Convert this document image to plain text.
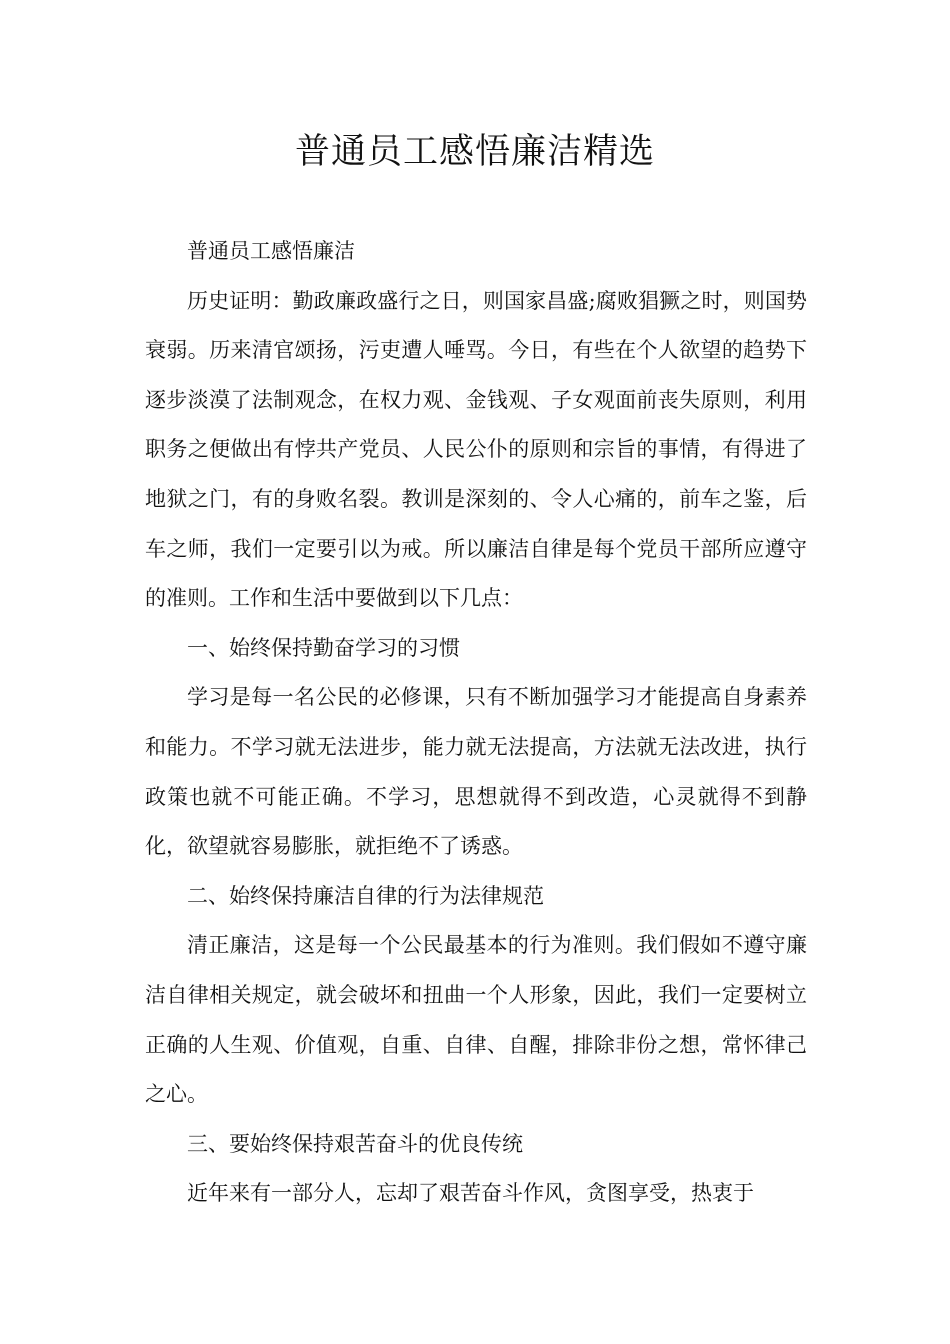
普通员工感悟廉洁精选

普通员工感悟廉洁

历史证明：勤政廉政盛行之日，则国家昌盛;腐败猖獗之时，则国势衰弱。历来清官颂扬，污吏遭人唾骂。今日，有些在个人欲望的趋势下逐步淡漠了法制观念，在权力观、金钱观、子女观面前丧失原则，利用职务之便做出有悖共产党员、人民公仆的原则和宗旨的事情，有得进了地狱之门，有的身败名裂。教训是深刻的、令人心痛的，前车之鉴，后车之师，我们一定要引以为戒。所以廉洁自律是每个党员干部所应遵守的准则。工作和生活中要做到以下几点：

一、始终保持勤奋学习的习惯

学习是每一名公民的必修课，只有不断加强学习才能提高自身素养和能力。不学习就无法进步，能力就无法提高，方法就无法改进，执行政策也就不可能正确。不学习，思想就得不到改造，心灵就得不到静化，欲望就容易膨胀，就拒绝不了诱惑。

二、始终保持廉洁自律的行为法律规范

清正廉洁，这是每一个公民最基本的行为准则。我们假如不遵守廉洁自律相关规定，就会破坏和扭曲一个人形象，因此，我们一定要树立正确的人生观、价值观，自重、自律、自醒，排除非份之想，常怀律己之心。

三、要始终保持艰苦奋斗的优良传统

近年来有一部分人，忘却了艰苦奋斗作风，贪图享受，热衷于
